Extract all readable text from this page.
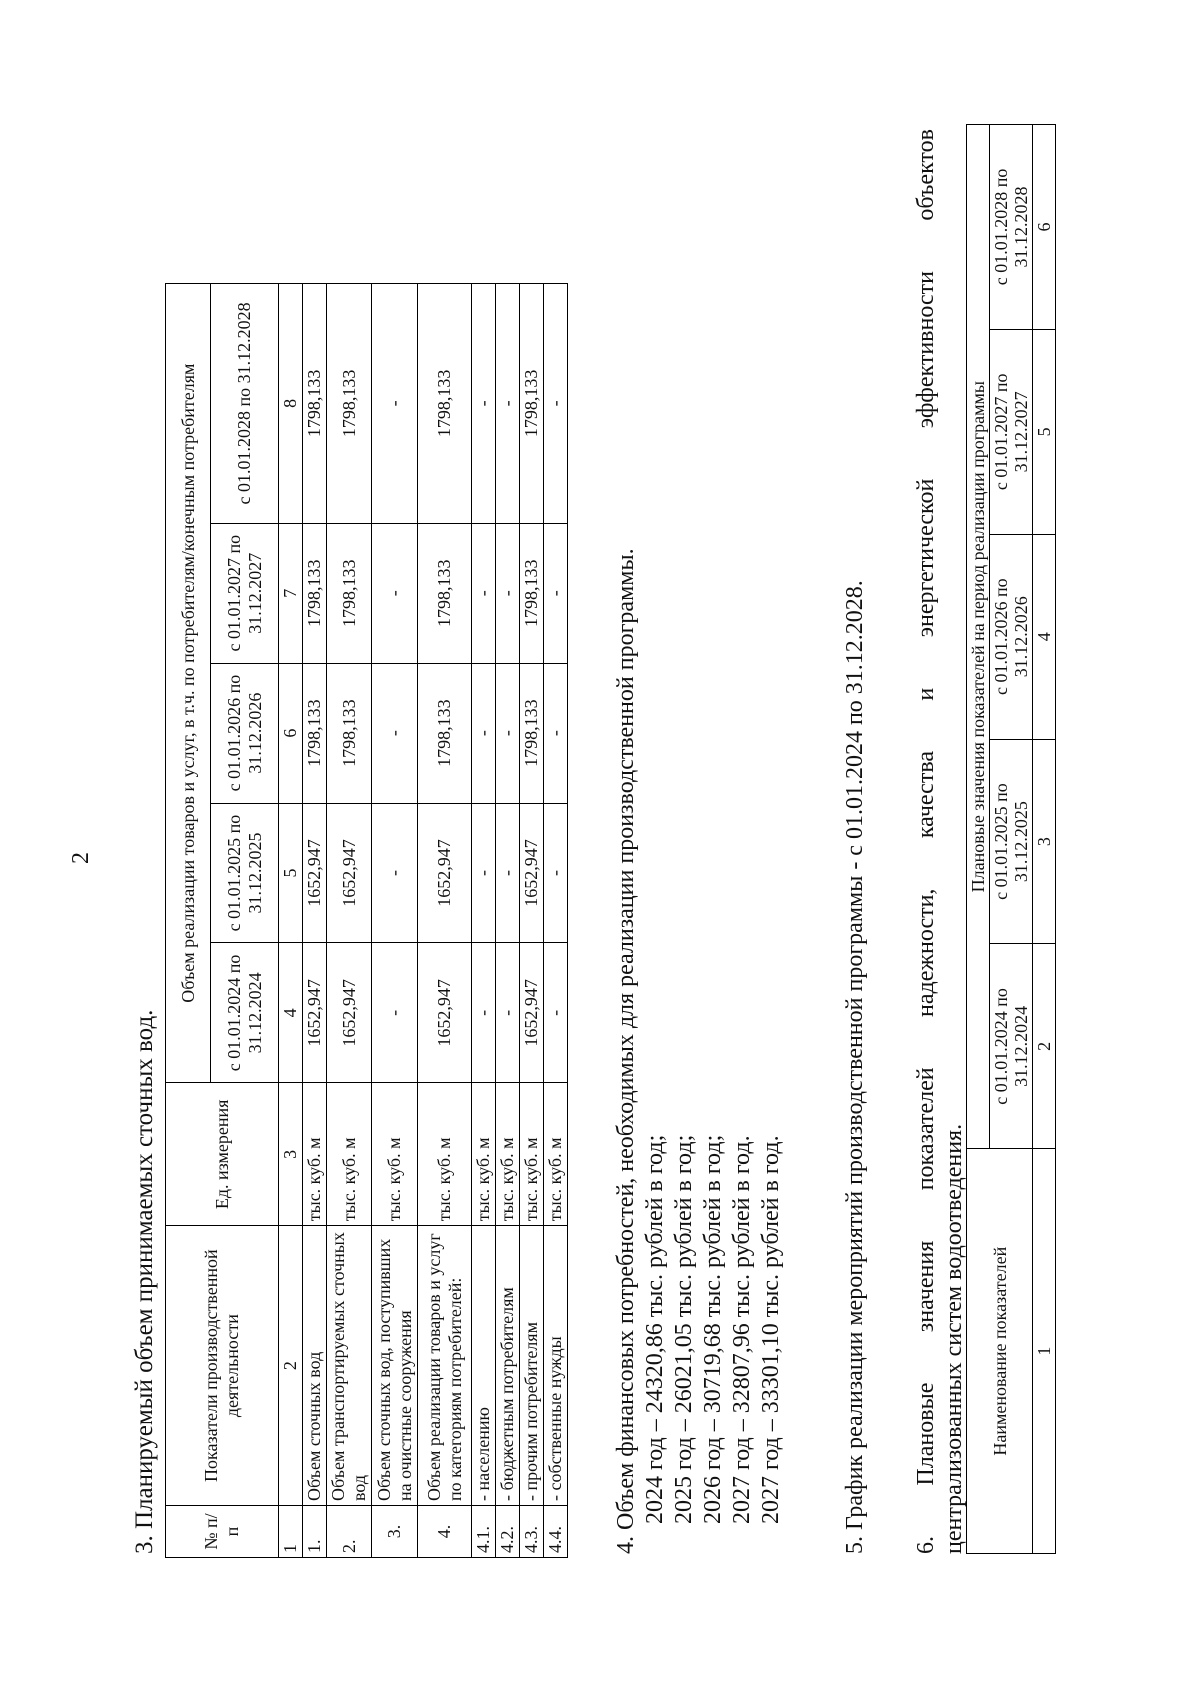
2
3. Планируемый объем принимаемых сточных вод. № п/п	Показатели производственной деятельности	Ед. измерения	Объем реализации товаров и услуг, в т.ч. по потребителям/конечным потребителям				
			с 01.01.2024 по 31.12.2024	с 01.01.2025 по 31.12.2025	с 01.01.2026 по 31.12.2026	с 01.01.2027 по 31.12.2027	с 01.01.2028 по 31.12.2028
1	2	3	4	5	6	7	8
1.	Объем сточных вод	тыс. куб. м	1652,947	1652,947	1798,133	1798,133	1798,133
2.	Объем транспортируемых сточных вод	тыс. куб. м	1652,947	1652,947	1798,133	1798,133	1798,133
3.	Объем сточных вод, поступивших на очистные сооружения	тыс. куб. м	-	-	-	-	-
4.	Объем реализации товаров и услуг по категориям потребителей:	тыс. куб. м	1652,947	1652,947	1798,133	1798,133	1798,133
4.1.	- населению	тыс. куб. м	-	-	-	-	-
4.2.	- бюджетным потребителям	тыс. куб. м	-	-	-	-	-
4.3.	- прочим потребителям	тыс. куб. м	1652,947	1652,947	1798,133	1798,133	1798,133
4.4.	- собственные нужды	тыс. куб. м	-	-	-	-	-
4. Объем финансовых потребностей, необходимых для реализации производственной программы. 2024 год – 24320,86 тыс. рублей в год; 2025 год – 26021,05 тыс. рублей в год; 2026 год – 30719,68 тыс. рублей в год; 2027 год – 32807,96 тыс. рублей в год. 2027 год – 33301,10 тыс. рублей в год. 5. График реализации мероприятий производственной программы - с 01.01.2024 по 31.12.2028. 6.
Плановые
значения
показателей
надежности,
качества
и
энергетической
эффективности
объектов
централизованных систем водоотведения. Наименование показателей	Плановые значения показателей на период реализации программы				
	с 01.01.2024 по 31.12.2024	с 01.01.2025 по 31.12.2025	с 01.01.2026 по 31.12.2026	с 01.01.2027 по 31.12.2027	с 01.01.2028 по 31.12.2028
1	2	3	4	5	6
